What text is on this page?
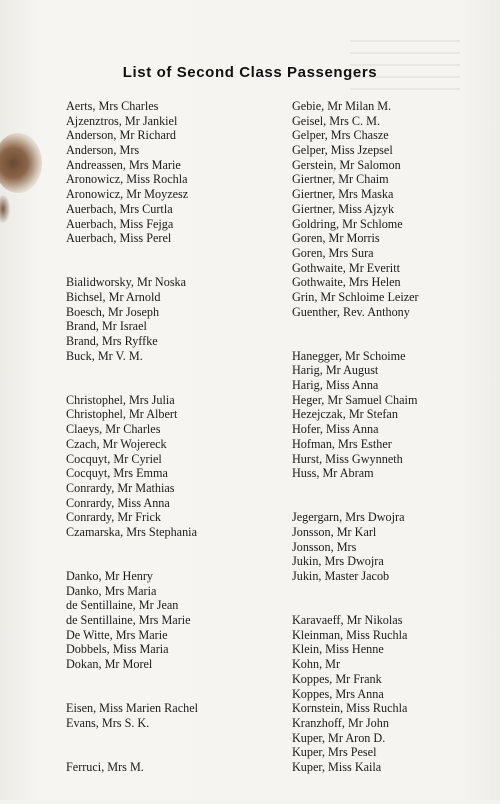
List of Second Class Passengers
Aerts, Mrs Charles
Ajzenztros, Mr Jankiel
Anderson, Mr Richard
Anderson, Mrs
Andreassen, Mrs Marie
Aronowicz, Miss Rochla
Aronowicz, Mr Moyzesz
Auerbach, Mrs Curtla
Auerbach, Miss Fejga
Auerbach, Miss Perel
Bialidworsky, Mr Noska
Bichsel, Mr Arnold
Boesch, Mr Joseph
Brand, Mr Israel
Brand, Mrs Ryffke
Buck, Mr V. M.
Christophel, Mrs Julia
Christophel, Mr Albert
Claeys, Mr Charles
Czach, Mr Wojereck
Cocquyt, Mr Cyriel
Cocquyt, Mrs Emma
Conrardy, Mr Mathias
Conrardy, Miss Anna
Conrardy, Mr Frick
Czamarska, Mrs Stephania
Danko, Mr Henry
Danko, Mrs Maria
de Sentillaine, Mr Jean
de Sentillaine, Mrs Marie
De Witte, Mrs Marie
Dobbels, Miss Maria
Dokan, Mr Morel
Eisen, Miss Marien Rachel
Evans, Mrs S. K.
Ferruci, Mrs M.
Gebie, Mr Milan M.
Geisel, Mrs C. M.
Gelper, Mrs Chasze
Gelper, Miss Jzepsel
Gerstein, Mr Salomon
Giertner, Mr Chaim
Giertner, Mrs Maska
Giertner, Miss Ajzyk
Goldring, Mr Schlome
Goren, Mr Morris
Goren, Mrs Sura
Gothwaite, Mr Everitt
Gothwaite, Mrs Helen
Grin, Mr Schloime Leizer
Guenther, Rev. Anthony
Hanegger, Mr Schoime
Harig, Mr August
Harig, Miss Anna
Heger, Mr Samuel Chaim
Hezejczak, Mr Stefan
Hofer, Miss Anna
Hofman, Mrs Esther
Hurst, Miss Gwynneth
Huss, Mr Abram
Jegergarn, Mrs Dwojra
Jonsson, Mr Karl
Jonsson, Mrs
Jukin, Mrs Dwojra
Jukin, Master Jacob
Karavaeff, Mr Nikolas
Kleinman, Miss Ruchla
Klein, Miss Henne
Kohn, Mr
Koppes, Mr Frank
Koppes, Mrs Anna
Kornstein, Miss Ruchla
Kranzhoff, Mr John
Kuper, Mr Aron D.
Kuper, Mrs Pesel
Kuper, Miss Kaila
